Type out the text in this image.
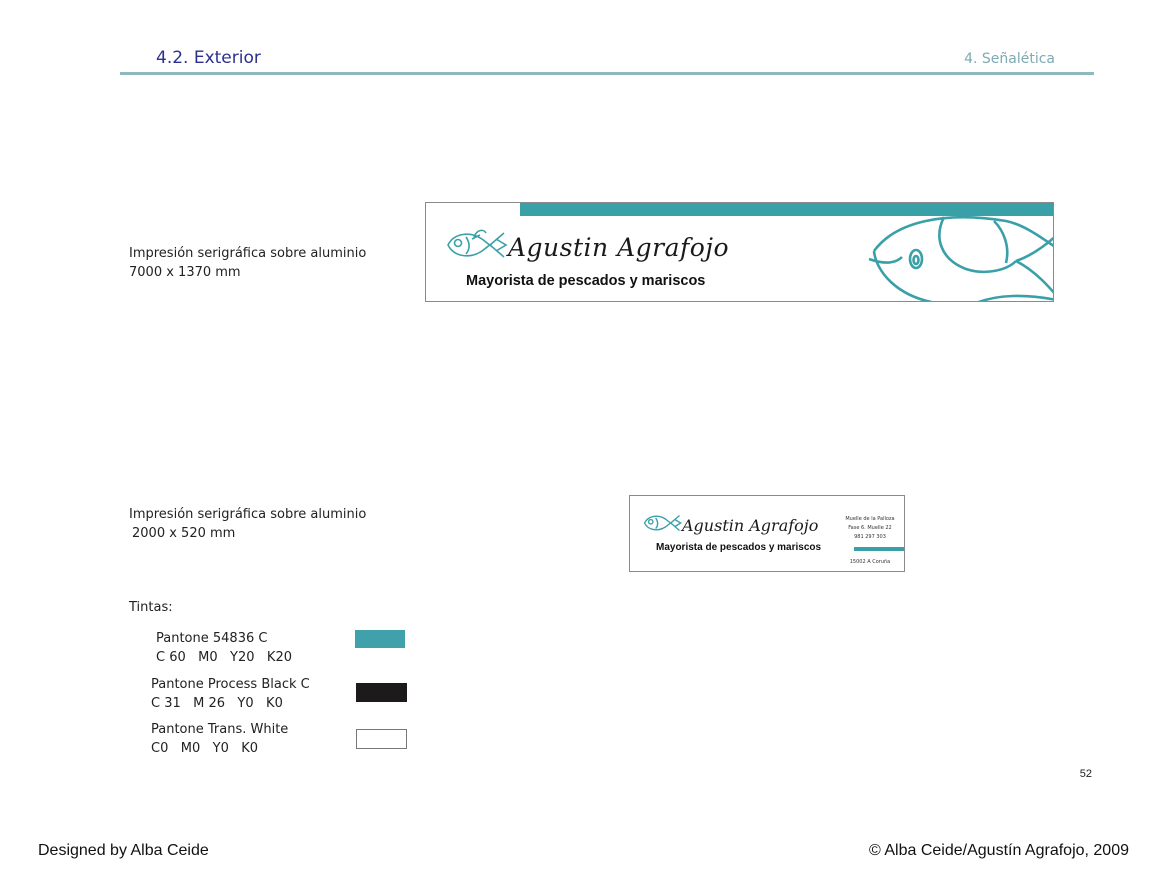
4.2. Exterior	4. Señalética
Impresión serigráfica sobre aluminio
7000 x 1370 mm
Agustin Agrafojo
Mayorista de pescados y mariscos
Impresión serigráfica sobre aluminio
2000 x 520 mm	Agustin Agrafojo
Mayorista de pescados y mariscos
Muelle de la Palloza
Fase 6. Muelle 22
981 297 303
15002 A Coruña
Tintas:
Pantone 54836 C
C 60   M0   Y20   K20
Pantone Process Black C
C 31   M 26   Y0   K0
Pantone Trans. White
C0   M0   Y0   K0
52
Designed by Alba Ceide	© Alba Ceide/Agustín Agrafojo, 2009
